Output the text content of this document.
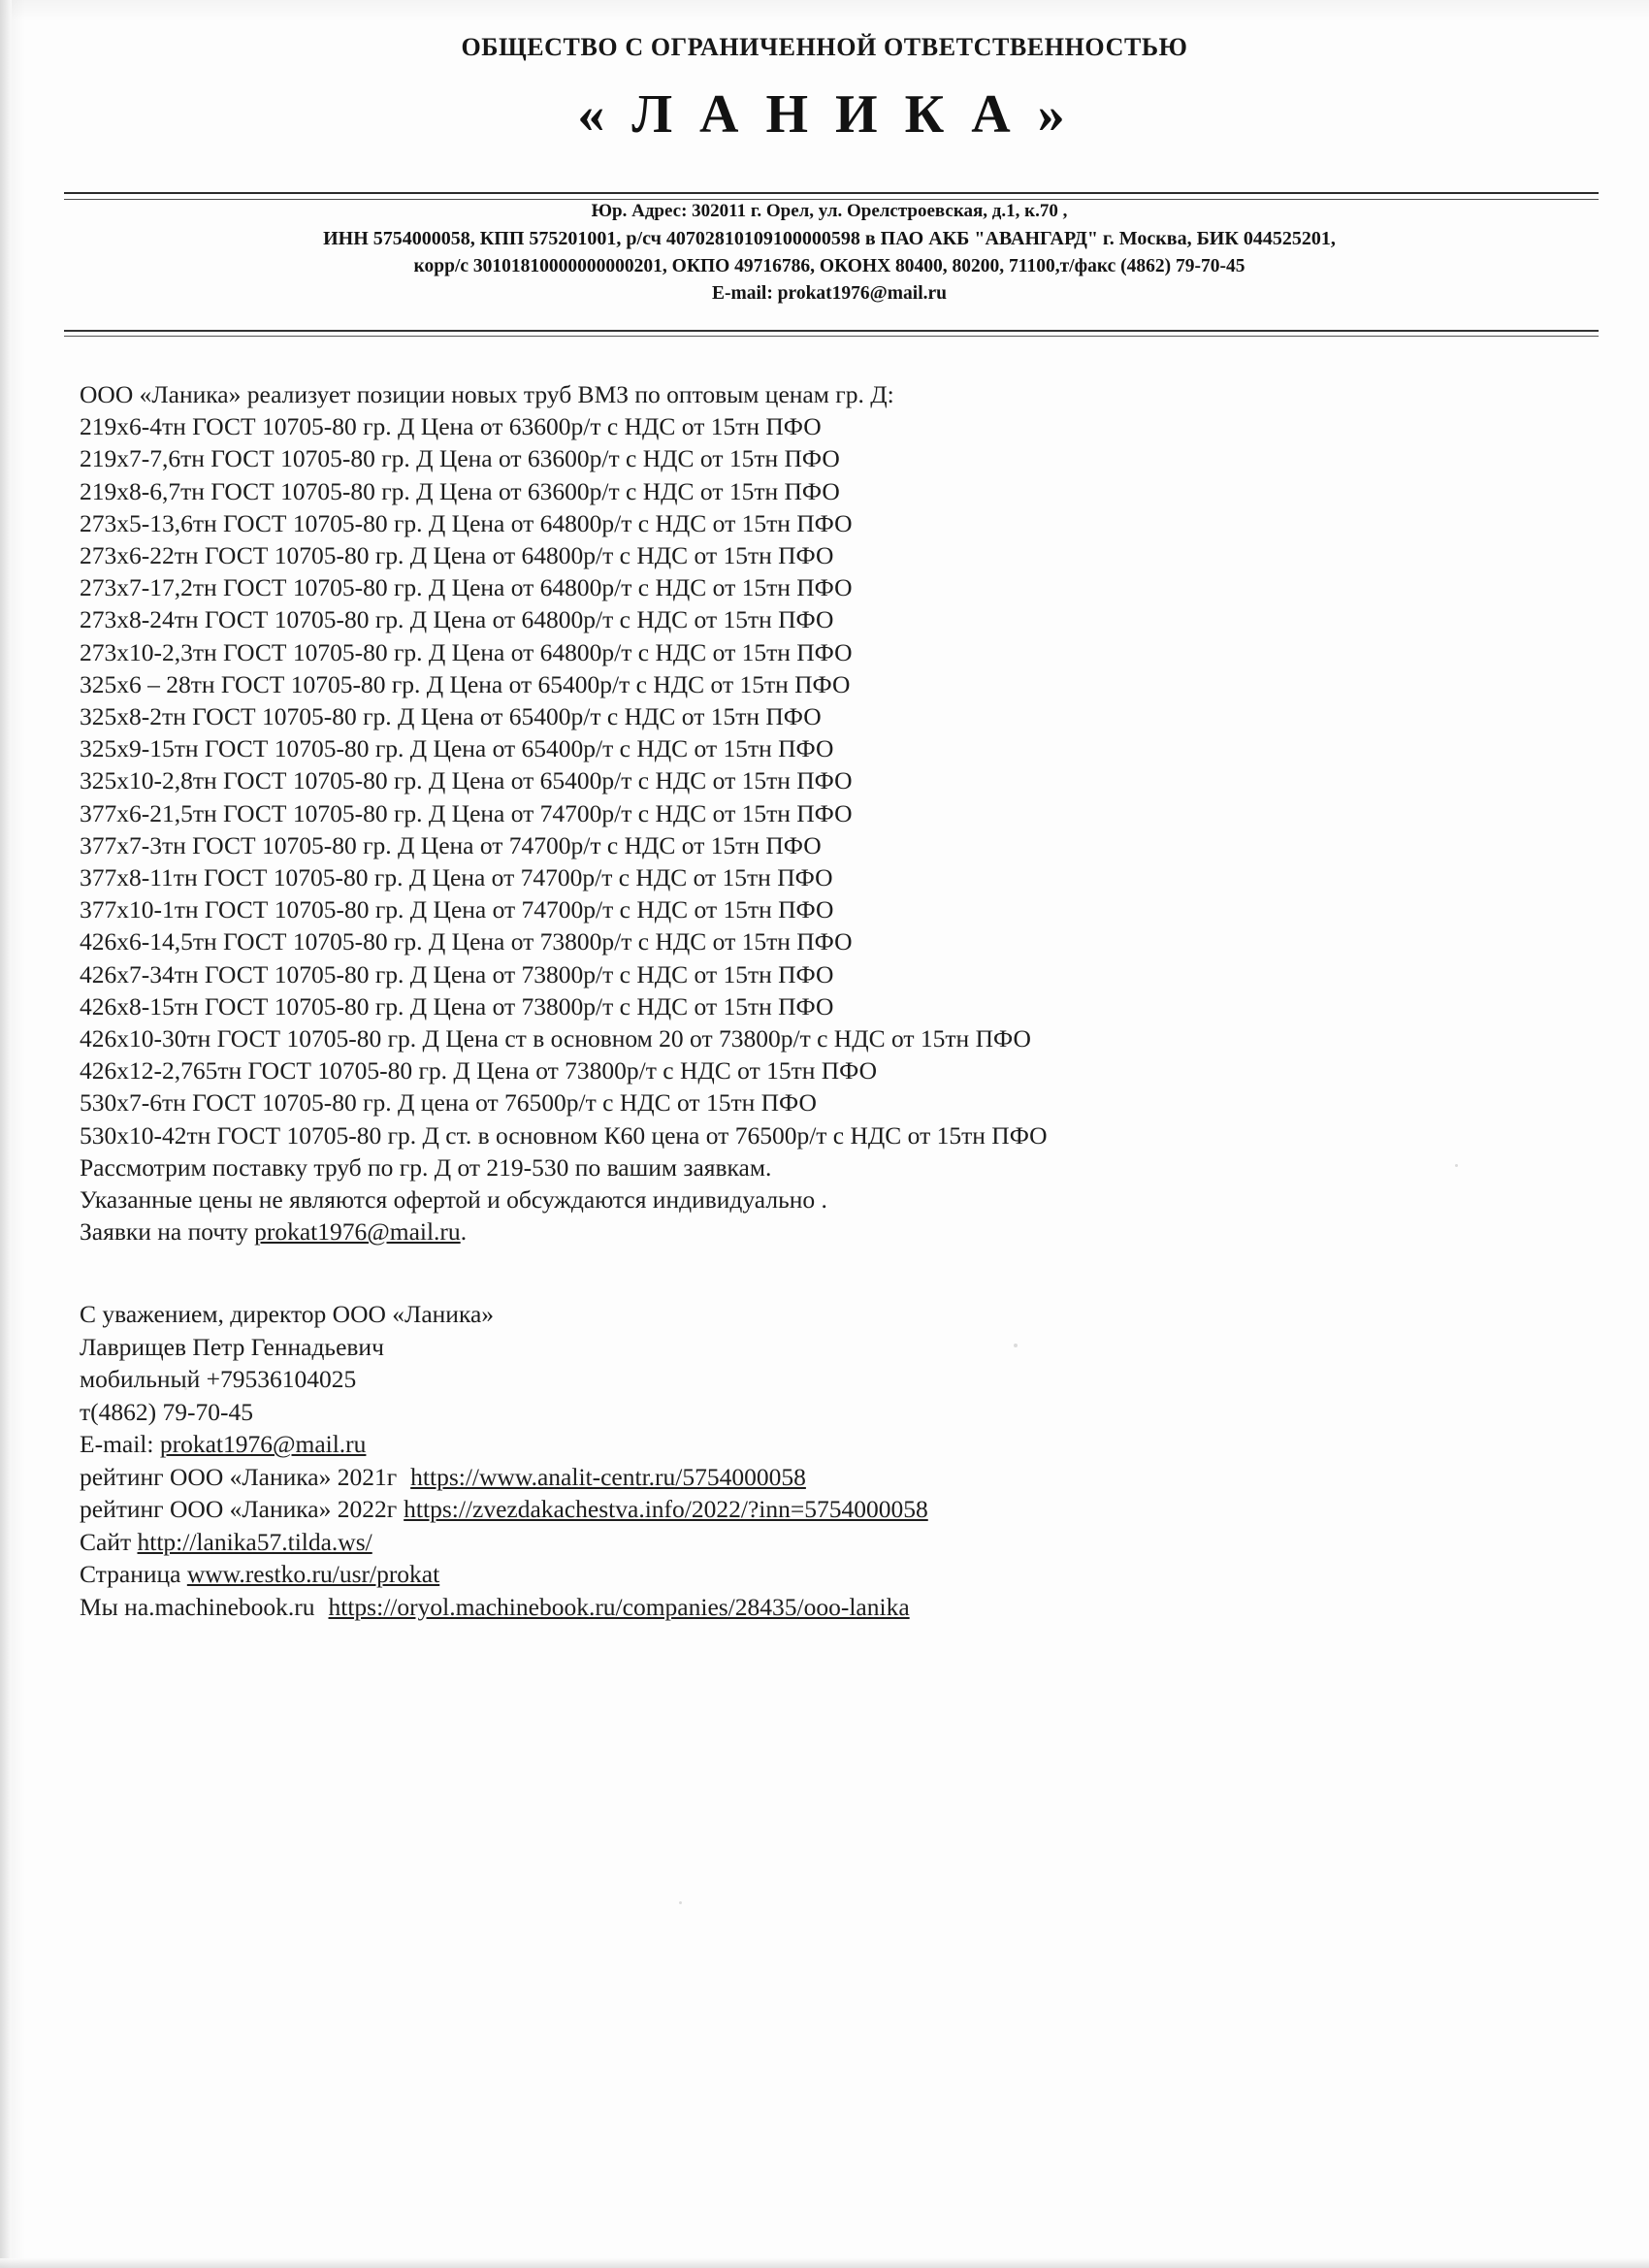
ОБЩЕСТВО С ОГРАНИЧЕННОЙ ОТВЕТСТВЕННОСТЬЮ
« Л А Н И К А »
Юр. Адрес: 302011 г. Орел, ул. Орелстроевская, д.1, к.70 ,
ИНН 5754000058, КПП 575201001, р/сч 40702810109100000598 в ПАО АКБ "АВАНГАРД" г. Москва, БИК 044525201,
корр/с 30101810000000000201, ОКПО 49716786, ОКОНХ 80400, 80200, 71100,т/факс (4862) 79-70-45
E-mail: prokat1976@mail.ru
ООО «Ланика» реализует позиции новых труб ВМЗ по оптовым ценам гр. Д:
219х6-4тн ГОСТ 10705-80 гр. Д Цена от 63600р/т с НДС от 15тн ПФО
219х7-7,6тн ГОСТ 10705-80 гр. Д Цена от 63600р/т с НДС от 15тн ПФО
219х8-6,7тн ГОСТ 10705-80 гр. Д Цена от 63600р/т с НДС от 15тн ПФО
273х5-13,6тн ГОСТ 10705-80 гр. Д Цена от 64800р/т с НДС от 15тн ПФО
273х6-22тн ГОСТ 10705-80 гр. Д Цена от 64800р/т с НДС от 15тн ПФО
273х7-17,2тн ГОСТ 10705-80 гр. Д Цена от 64800р/т с НДС от 15тн ПФО
273х8-24тн ГОСТ 10705-80 гр. Д Цена от 64800р/т с НДС от 15тн ПФО
273х10-2,3тн ГОСТ 10705-80 гр. Д Цена от 64800р/т с НДС от 15тн ПФО
325х6 – 28тн ГОСТ 10705-80 гр. Д Цена от 65400р/т с НДС от 15тн ПФО
325х8-2тн ГОСТ 10705-80 гр. Д Цена от 65400р/т с НДС от 15тн ПФО
325х9-15тн ГОСТ 10705-80 гр. Д Цена от 65400р/т с НДС от 15тн ПФО
325х10-2,8тн ГОСТ 10705-80 гр. Д Цена от 65400р/т с НДС от 15тн ПФО
377х6-21,5тн ГОСТ 10705-80 гр. Д Цена от 74700р/т с НДС от 15тн ПФО
377х7-3тн ГОСТ 10705-80 гр. Д Цена от 74700р/т с НДС от 15тн ПФО
377х8-11тн ГОСТ 10705-80 гр. Д Цена от 74700р/т с НДС от 15тн ПФО
377х10-1тн ГОСТ 10705-80 гр. Д Цена от 74700р/т с НДС от 15тн ПФО
426х6-14,5тн ГОСТ 10705-80 гр. Д Цена от 73800р/т с НДС от 15тн ПФО
426х7-34тн ГОСТ 10705-80 гр. Д Цена от 73800р/т с НДС от 15тн ПФО
426х8-15тн ГОСТ 10705-80 гр. Д Цена от 73800р/т с НДС от 15тн ПФО
426х10-30тн ГОСТ 10705-80 гр. Д Цена ст в основном 20 от 73800р/т с НДС от 15тн ПФО
426х12-2,765тн ГОСТ 10705-80 гр. Д Цена от 73800р/т с НДС от 15тн ПФО
530х7-6тн ГОСТ 10705-80 гр. Д цена от 76500р/т с НДС от 15тн ПФО
530х10-42тн ГОСТ 10705-80 гр. Д ст. в основном К60 цена от 76500р/т с НДС от 15тн ПФО
Рассмотрим поставку труб по гр. Д от 219-530 по вашим заявкам.
Указанные цены не являются офертой и обсуждаются индивидуально .
Заявки на почту prokat1976@mail.ru.
С уважением, директор ООО «Ланика»
Лаврищев Петр Геннадьевич
мобильный +79536104025
т(4862) 79-70-45
E-mail: prokat1976@mail.ru
рейтинг ООО «Ланика» 2021г https://www.analit-centr.ru/5754000058
рейтинг ООО «Ланика» 2022г https://zvezdakachestva.info/2022/?inn=5754000058
Сайт http://lanika57.tilda.ws/
Страница www.restko.ru/usr/prokat
Мы на.machinebook.ru https://oryol.machinebook.ru/companies/28435/ooo-lanika
